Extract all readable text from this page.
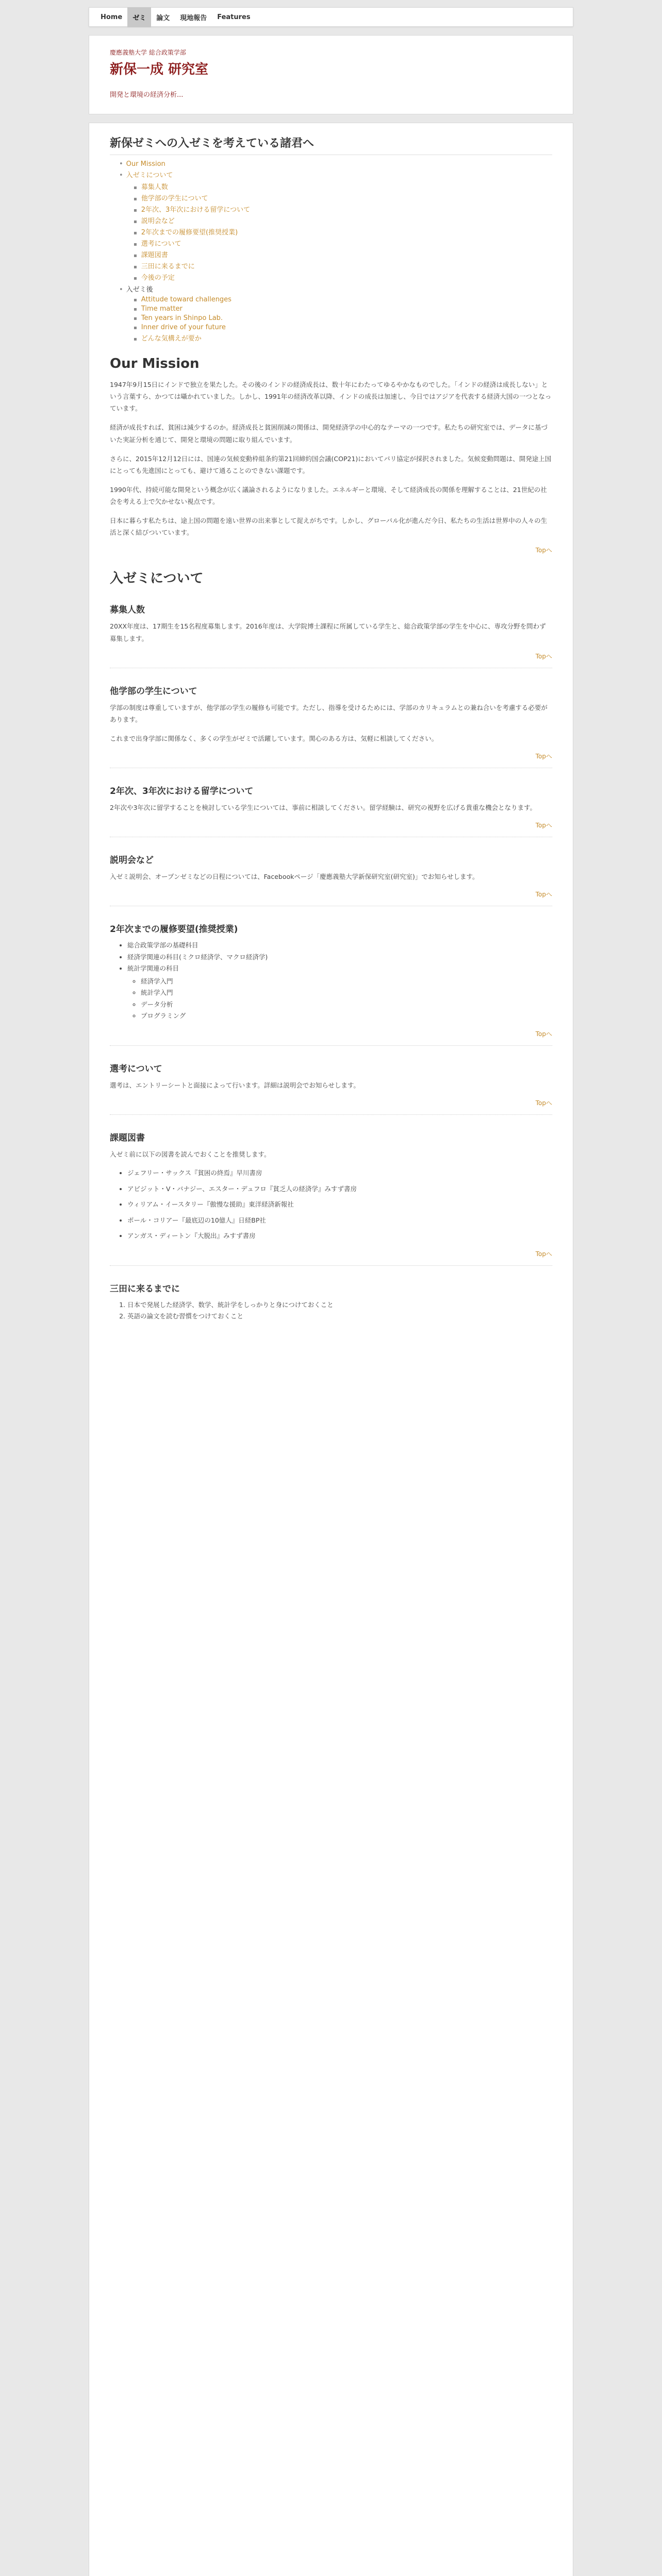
Home	ゼミ	論文	現地報告	Features
慶應義塾大学 総合政策学部
新保一成 研究室
開発と環境の経済分析...
新保ゼミへの入ゼミを考えている諸君へ
• Our Mission
• 入ゼミについて
▪ 募集人数
▪ 他学部の学生について
▪ 2年次、3年次における留学について
▪ 説明会など
▪ 2年次までの履修要望(推奨授業)
▪ 選考について
▪ 課題図書
▪ 三田に来るまでに
▪ 今後の予定
• 入ゼミ後
▪ Attitude toward challenges
▪ Time matter
▪ Ten years in Shinpo Lab.
▪ Inner drive of your future
▪ どんな気構えが要か
Our Mission

1947年9月15日にインドで独立を果たした。その後のインドの経済成長は、数十年にわたってゆるやかなものでした。「インドの経済は成長しない」という言葉すら、かつては囁かれていました。しかし、1991年の経済改革以降、インドの成長は加速し、今日ではアジアを代表する経済大国の一つとなっています。

経済が成長すれば、貧困は減少するのか。経済成長と貧困削減の関係は、開発経済学の中心的なテーマの一つです。私たちの研究室では、データに基づいた実証分析を通じて、開発と環境の問題に取り組んでいます。

さらに、2015年12月12日には、国連の気候変動枠組条約第21回締約国会議(COP21)においてパリ協定が採択されました。気候変動問題は、開発途上国にとっても先進国にとっても、避けて通ることのできない課題です。

1990年代、持続可能な開発という概念が広く議論されるようになりました。エネルギーと環境、そして経済成長の関係を理解することは、21世紀の社会を考える上で欠かせない視点です。

日本に暮らす私たちは、途上国の問題を遠い世界の出来事として捉えがちです。しかし、グローバル化が進んだ今日、私たちの生活は世界中の人々の生活と深く結びついています。

Topへ
入ゼミについて
募集人数

20XX年度は、17期生を15名程度募集します。2016年度は、大学院博士課程に所属している学生と、総合政策学部の学生を中心に、専攻分野を問わず募集します。

Topへ
他学部の学生について

学部の制度は尊重していますが、他学部の学生の履修も可能です。ただし、指導を受けるためには、学部のカリキュラムとの兼ね合いを考慮する必要があります。

これまで出身学部に関係なく、多くの学生がゼミで活躍しています。関心のある方は、気軽に相談してください。

Topへ
2年次、3年次における留学について

2年次や3年次に留学することを検討している学生については、事前に相談してください。留学経験は、研究の視野を広げる貴重な機会となります。

Topへ
説明会など

入ゼミ説明会、オープンゼミなどの日程については、Facebookページ「慶應義塾大学新保研究室(研究室)」でお知らせします。

Topへ
2年次までの履修要望(推奨授業)
• 総合政策学部の基礎科目
• 経済学関連の科目(ミクロ経済学、マクロ経済学)
• 統計学関連の科目
◦ 経済学入門
◦ 統計学入門
◦ データ分析
◦ プログラミング
Topへ
選考について

選考は、エントリーシートと面接によって行います。詳細は説明会でお知らせします。

Topへ
課題図書

入ゼミ前に以下の図書を読んでおくことを推奨します。

• ジェフリー・サックス『貧困の終焉』早川書房
• アビジット・V・バナジー、エスター・デュフロ『貧乏人の経済学』みすず書房
• ウィリアム・イースタリー『傲慢な援助』東洋経済新報社
• ポール・コリアー『最底辺の10億人』日経BP社
• アンガス・ディートン『大脱出』みすず書房
Topへ
三田に来るまでに
1. 日本で発展した経済学、数学、統計学をしっかりと身につけておくこと
2. 英語の論文を読む習慣をつけておくこと
